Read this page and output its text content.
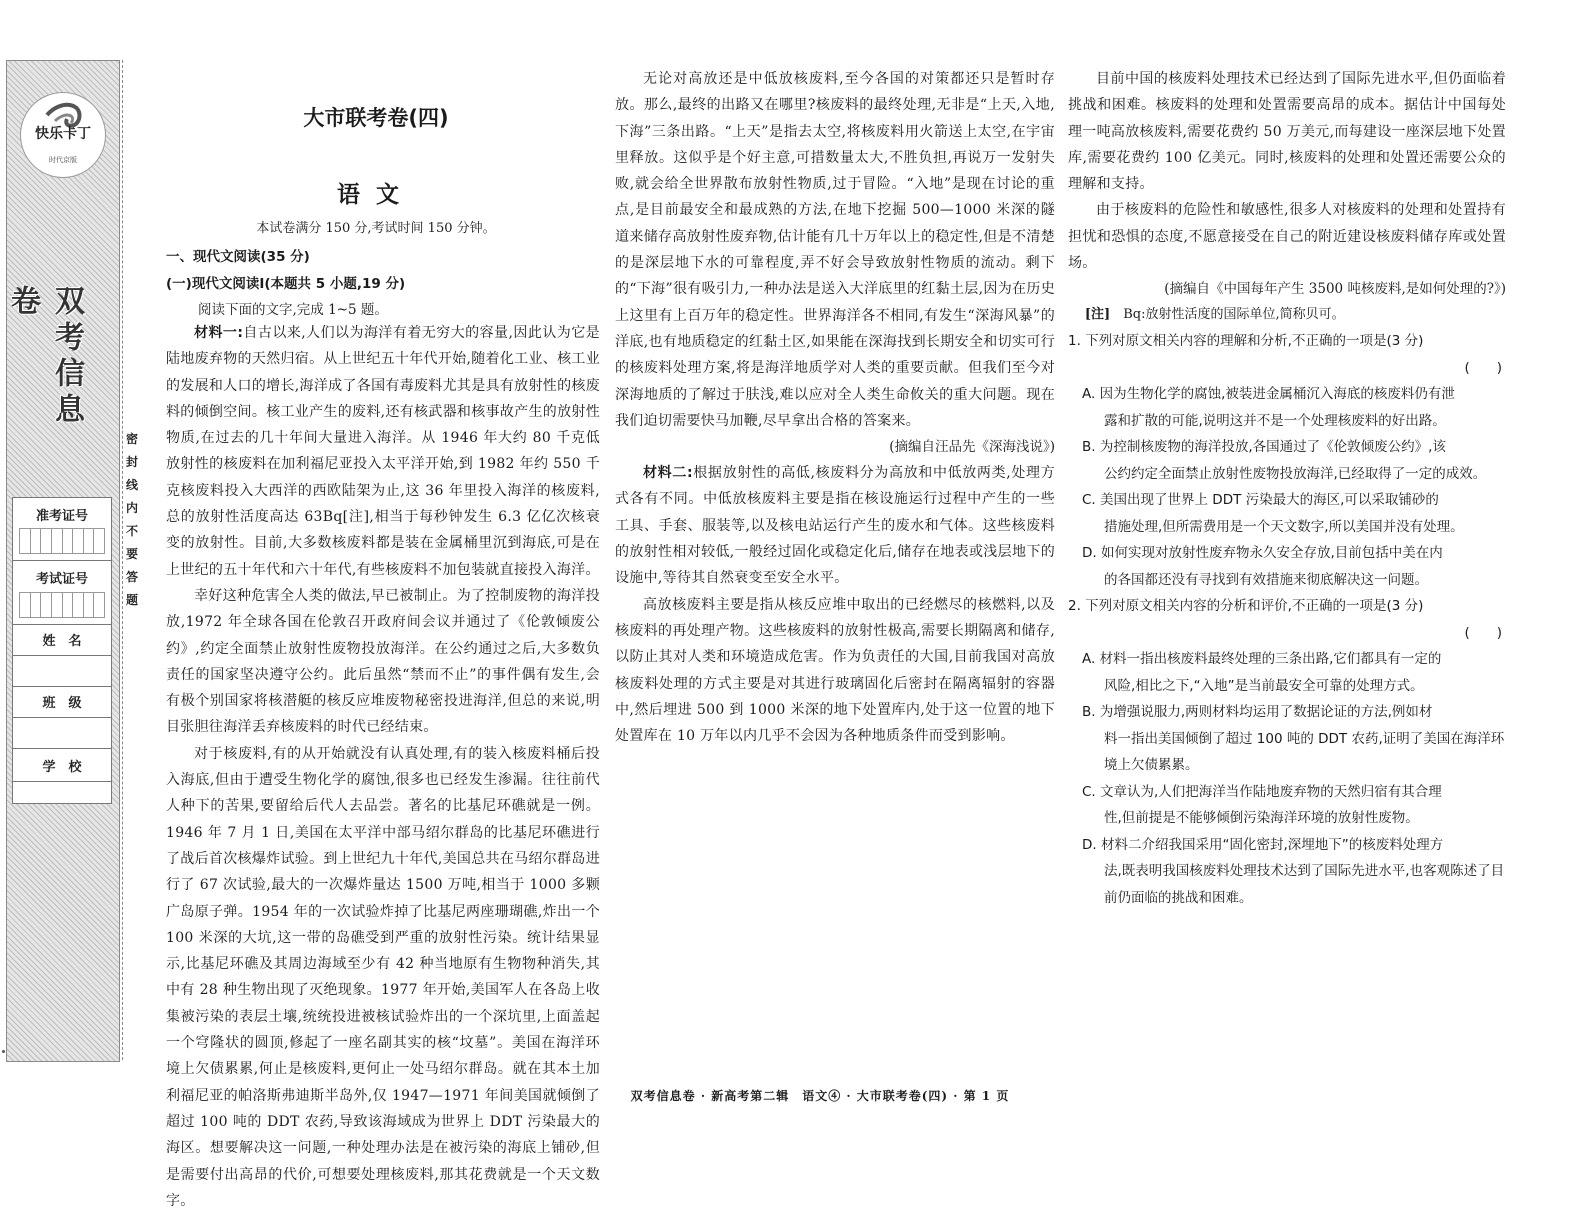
快乐卡丁
时代京版
双考信息卷
准考证号
考试证号
姓　名
班　级
学　校
密封线内不要答题
大市联考卷(四)
语文
本试卷满分 150 分,考试时间 150 分钟。
一、现代文阅读(35 分)
(一)现代文阅读Ⅰ(本题共 5 小题,19 分)
阅读下面的文字,完成 1~5 题。

材料一:自古以来,人们以为海洋有着无穷大的容量,因此认为它是陆地废弃物的天然归宿。从上世纪五十年代开始,随着化工业、核工业的发展和人口的增长,海洋成了各国有毒废料尤其是具有放射性的核废料的倾倒空间。核工业产生的废料,还有核武器和核事故产生的放射性物质,在过去的几十年间大量进入海洋。从 1946 年大约 80 千克低放射性的核废料在加利福尼亚投入太平洋开始,到 1982 年约 550 千克核废料投入大西洋的西欧陆架为止,这 36 年里投入海洋的核废料,总的放射性活度高达 63Bq[注],相当于每秒钟发生 6.3 亿亿次核衰变的放射性。目前,大多数核废料都是装在金属桶里沉到海底,可是在上世纪的五十年代和六十年代,有些核废料不加包装就直接投入海洋。

幸好这种危害全人类的做法,早已被制止。为了控制废物的海洋投放,1972 年全球各国在伦敦召开政府间会议并通过了《伦敦倾废公约》,约定全面禁止放射性废物投放海洋。在公约通过之后,大多数负责任的国家坚决遵守公约。此后虽然“禁而不止”的事件偶有发生,会有极个别国家将核潜艇的核反应堆废物秘密投进海洋,但总的来说,明目张胆往海洋丢弃核废料的时代已经结束。

对于核废料,有的从开始就没有认真处理,有的装入核废料桶后投入海底,但由于遭受生物化学的腐蚀,很多也已经发生渗漏。往往前代人种下的苦果,要留给后代人去品尝。著名的比基尼环礁就是一例。1946 年 7 月 1 日,美国在太平洋中部马绍尔群岛的比基尼环礁进行了战后首次核爆炸试验。到上世纪九十年代,美国总共在马绍尔群岛进行了 67 次试验,最大的一次爆炸量达 1500 万吨,相当于 1000 多颗广岛原子弹。1954 年的一次试验炸掉了比基尼两座珊瑚礁,炸出一个 100 米深的大坑,这一带的岛礁受到严重的放射性污染。统计结果显示,比基尼环礁及其周边海域至少有 42 种当地原有生物物种消失,其中有 28 种生物出现了灭绝现象。1977 年开始,美国军人在各岛上收集被污染的表层土壤,统统投进被核试验炸出的一个深坑里,上面盖起一个穹隆状的圆顶,修起了一座名副其实的核“坟墓”。美国在海洋环境上欠债累累,何止是核废料,更何止一处马绍尔群岛。就在其本土加利福尼亚的帕洛斯弗迪斯半岛外,仅 1947—1971 年间美国就倾倒了超过 100 吨的 DDT 农药,导致该海域成为世界上 DDT 污染最大的海区。想要解决这一问题,一种处理办法是在被污染的海底上铺砂,但是需要付出高昂的代价,可想要处理核废料,那其花费就是一个天文数字。

无论对高放还是中低放核废料,至今各国的对策都还只是暂时存放。那么,最终的出路又在哪里?核废料的最终处理,无非是“上天,入地,下海”三条出路。“上天”是指去太空,将核废料用火箭送上太空,在宇宙里释放。这似乎是个好主意,可措数量太大,不胜负担,再说万一发射失败,就会给全世界散布放射性物质,过于冒险。“入地”是现在讨论的重点,是目前最安全和最成熟的方法,在地下挖掘 500—1000 米深的隧道来储存高放射性废弃物,估计能有几十万年以上的稳定性,但是不清楚的是深层地下水的可靠程度,弄不好会导致放射性物质的流动。剩下的“下海”很有吸引力,一种办法是送入大洋底里的红黏土层,因为在历史上这里有上百万年的稳定性。世界海洋各不相同,有发生“深海风暴”的洋底,也有地质稳定的红黏土区,如果能在深海找到长期安全和切实可行的核废料处理方案,将是海洋地质学对人类的重要贡献。但我们至今对深海地质的了解过于肤浅,难以应对全人类生命攸关的重大问题。现在我们迫切需要快马加鞭,尽早拿出合格的答案来。

(摘编自汪品先《深海浅说》)

材料二:根据放射性的高低,核废料分为高放和中低放两类,处理方式各有不同。中低放核废料主要是指在核设施运行过程中产生的一些工具、手套、服装等,以及核电站运行产生的废水和气体。这些核废料的放射性相对较低,一般经过固化或稳定化后,储存在地表或浅层地下的设施中,等待其自然衰变至安全水平。

高放核废料主要是指从核反应堆中取出的已经燃尽的核燃料,以及核废料的再处理产物。这些核废料的放射性极高,需要长期隔离和储存,以防止其对人类和环境造成危害。作为负责任的大国,目前我国对高放核废料处理的方式主要是对其进行玻璃固化后密封在隔离辐射的容器中,然后埋进 500 到 1000 米深的地下处置库内,处于这一位置的地下处置库在 10 万年以内几乎不会因为各种地质条件而受到影响。

目前中国的核废料处理技术已经达到了国际先进水平,但仍面临着挑战和困难。核废料的处理和处置需要高昂的成本。据估计中国每处理一吨高放核废料,需要花费约 50 万美元,而每建设一座深层地下处置库,需要花费约 100 亿美元。同时,核废料的处理和处置还需要公众的理解和支持。

由于核废料的危险性和敏感性,很多人对核废料的处理和处置持有担忧和恐惧的态度,不愿意接受在自己的附近建设核废料储存库或处置场。

(摘编自《中国每年产生 3500 吨核废料,是如何处理的?》)

[注]　 Bq:放射性活度的国际单位,简称贝可。

1. 下列对原文相关内容的理解和分析,不正确的一项是(3 分)

(　　)

A. 因为生物化学的腐蚀,被装进金属桶沉入海底的核废料仍有泄
露和扩散的可能,说明这并不是一个处理核废料的好出路。

B. 为控制核废物的海洋投放,各国通过了《伦敦倾废公约》,该
公约约定全面禁止放射性废物投放海洋,已经取得了一定的成效。

C. 美国出现了世界上 DDT 污染最大的海区,可以采取铺砂的
措施处理,但所需费用是一个天文数字,所以美国并没有处理。

D. 如何实现对放射性废弃物永久安全存放,目前包括中美在内
的各国都还没有寻找到有效措施来彻底解决这一问题。

2. 下列对原文相关内容的分析和评价,不正确的一项是(3 分)

(　　)

A. 材料一指出核废料最终处理的三条出路,它们都具有一定的
风险,相比之下,“入地”是当前最安全可靠的处理方式。

B. 为增强说服力,两则材料均运用了数据论证的方法,例如材
料一指出美国倾倒了超过 100 吨的 DDT 农药,证明了美国在海洋环境上欠债累累。

C. 文章认为,人们把海洋当作陆地废弃物的天然归宿有其合理
性,但前提是不能够倾倒污染海洋环境的放射性废物。

D. 材料二介绍我国采用“固化密封,深埋地下”的核废料处理方
法,既表明我国核废料处理技术达到了国际先进水平,也客观陈述了目前仍面临的挑战和困难。

双考信息卷 · 新高考第二辑　语文④ · 大市联考卷(四) · 第 1 页
